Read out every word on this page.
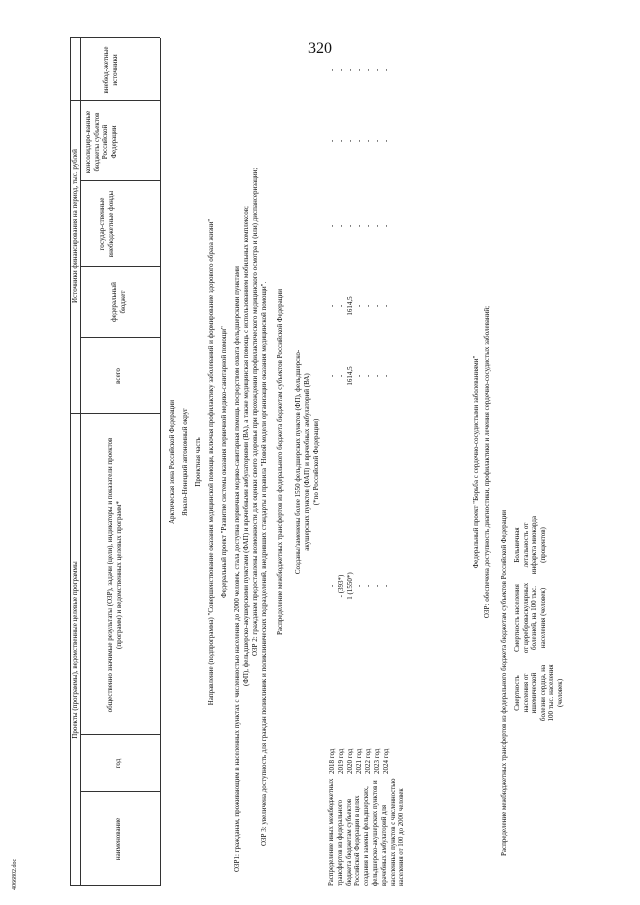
320
4066802.doc
Проекты (программы), ведомственные целевые программы
Источники финансирования на период, тыс. рублей
наименование
год
общественно значимые результаты (ОЗР), задачи (цели), индикаторы и показатели проектов (программ) и ведомственных целевых программ*
всего
федеральный бюджет
государ-ственные внебюджетные фонды
консолидиро-ванные бюджеты субъектов Российской Федерации
внебюд-жетные источники
Арктическая зона Российской Федерации Ямало-Ненецкий автономный округ Проектная часть Направление (подпрограмма) "Совершенствование оказания медицинской помощи, включая профилактику заболеваний и формирование здорового образа жизни" Федеральный проект "Развитие системы оказания первичной медико-санитарной помощи" ОЗР1: гражданам, проживающим в населенных пунктах с численностью населения до 2000 человек, стала доступна первичная медико-санитарная помощь посредством охвата фельдшерскими пунктами (ФП), фельдшерско-акушерскими пунктами (ФАП) и врачебными амбулаториями (ВА), а также медицинская помощь с использованием мобильных комплексов; ОЗР 2: гражданам предоставлены возможности для оценки своего здоровья при прохождении профилактического медицинского осмотра и (или) диспансеризации; ОЗР 3: увеличена доступность для граждан поликлиник и поликлинических подразделений, внедривших стандарты и правила "Новой модели организации оказания медицинской помощи". Распределение межбюджетных трансфертов из федерального бюджета бюджетам субъектов Российской Федерации Созданы/заменены более 1550 фельдшерских пунктов (ФП), фельдшерско- акушерских пунктов (ФАП) и врачебных амбулаторий (ВА) (*по Российской Федерации)
Распределение иных межбюджетных трансфертов из федерального бюджета бюджетам субъектов Российской Федерации в целях создания и замены фельдшерских, фельдшерско-акушерских пунктов и врачебных амбулаторий для населенных пунктов с численностью населения от 100 до 2000 человек
2018 год 2019 год 2020 год 2021 год 2022 год 2023 год 2024 год
- - (393*) 1 (1550*) - - - -
- - 1614,5 - - - -
- - 1614,5 - - - -
- - - - - - -
- - - - - - -
- - - - - - -
Федеральный проект "Борьба с сердечно-сосудистыми заболеваниями" ОЗР: обеспечена доступность диагностики, профилактики и лечения сердечно-сосудистых заболеваний;
Распределение межбюджетных трансфертов из федерального бюджета бюджетам субъектов Российской Федерации Смертность населения от ишемической болезни сердца, на 100 тыс. населения (человек)
Смертность населения от цереброваскулярных болезней, на 100 тыс. населения (человек)
Больничная летальность от инфаркта миокарда (процентов)
